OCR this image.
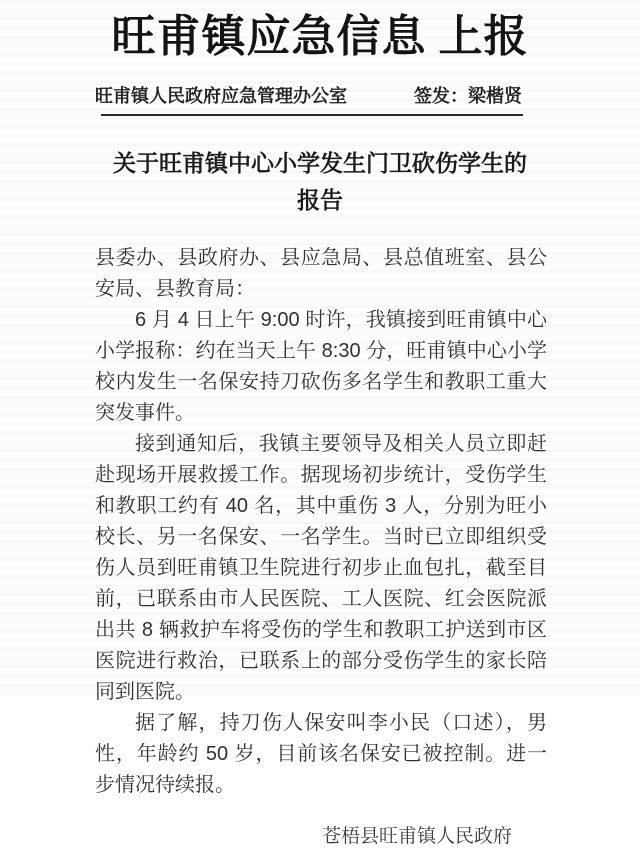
旺甫镇应急信息 上报
旺甫镇人民政府应急管理办公室	签发：梁楷贤
关于旺甫镇中心小学发生门卫砍伤学生的
报告

县委办、县政府办、县应急局、县总值班室、县公安局、县教育局：

6 月 4 日上午 9:00 时许，我镇接到旺甫镇中心小学报称：约在当天上午 8:30 分，旺甫镇中心小学校内发生一名保安持刀砍伤多名学生和教职工重大突发事件。

接到通知后，我镇主要领导及相关人员立即赶赴现场开展救援工作。据现场初步统计，受伤学生和教职工约有 40 名，其中重伤 3 人，分别为旺小校长、另一名保安、一名学生。当时已立即组织受伤人员到旺甫镇卫生院进行初步止血包扎，截至目前，已联系由市人民医院、工人医院、红会医院派出共 8 辆救护车将受伤的学生和教职工护送到市区医院进行救治，已联系上的部分受伤学生的家长陪同到医院。

据了解，持刀伤人保安叫李小民（口述），男性，年龄约 50 岁，目前该名保安已被控制。进一步情况待续报。

苍梧县旺甫镇人民政府
